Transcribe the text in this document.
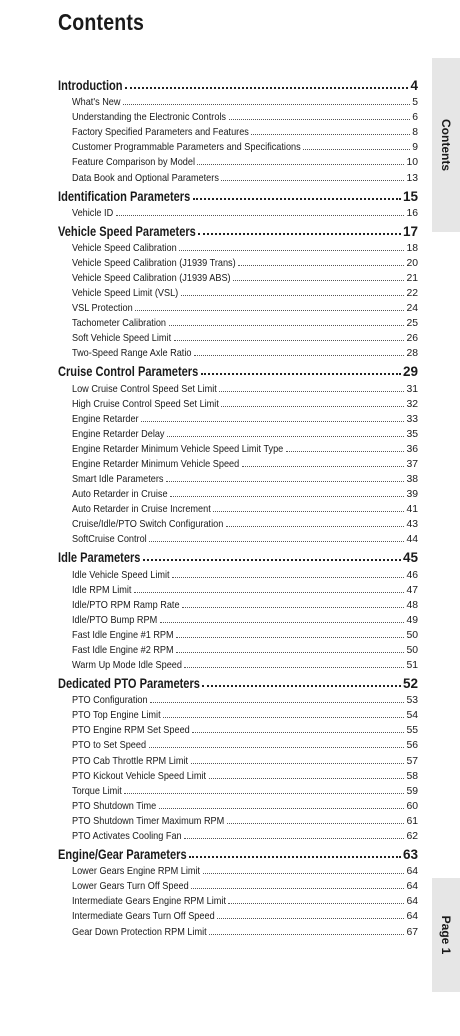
Contents
Contents
Page 1
Introduction	4
What's New	5
Understanding the Electronic Controls	6
Factory Specified Parameters and Features	8
Customer Programmable Parameters and Specifications	9
Feature Comparison by Model	10
Data Book and Optional Parameters	13
Identification Parameters	15
Vehicle ID	16
Vehicle Speed Parameters	17
Vehicle Speed Calibration	18
Vehicle Speed Calibration (J1939 Trans)	20
Vehicle Speed Calibration (J1939 ABS)	21
Vehicle Speed Limit (VSL)	22
VSL Protection	24
Tachometer Calibration	25
Soft Vehicle Speed Limit	26
Two-Speed Range Axle Ratio	28
Cruise Control Parameters	29
Low Cruise Control Speed Set Limit	31
High Cruise Control Speed Set Limit	32
Engine Retarder	33
Engine Retarder Delay	35
Engine Retarder Minimum Vehicle Speed Limit Type	36
Engine Retarder Minimum Vehicle Speed	37
Smart Idle Parameters	38
Auto Retarder in Cruise	39
Auto Retarder in Cruise Increment	41
Cruise/Idle/PTO Switch Configuration	43
SoftCruise Control	44
Idle Parameters	45
Idle Vehicle Speed Limit	46
Idle RPM Limit	47
Idle/PTO RPM Ramp Rate	48
Idle/PTO Bump RPM	49
Fast Idle Engine #1 RPM	50
Fast Idle Engine #2 RPM	50
Warm Up Mode Idle Speed	51
Dedicated PTO Parameters	52
PTO Configuration	53
PTO Top Engine Limit	54
PTO Engine RPM Set Speed	55
PTO to Set Speed	56
PTO Cab Throttle RPM Limit	57
PTO Kickout Vehicle Speed Limit	58
Torque Limit	59
PTO Shutdown Time	60
PTO Shutdown Timer Maximum RPM	61
PTO Activates Cooling Fan	62
Engine/Gear Parameters	63
Lower Gears Engine RPM Limit	64
Lower Gears Turn Off Speed	64
Intermediate Gears Engine RPM Limit	64
Intermediate Gears Turn Off Speed	64
Gear Down Protection RPM Limit	67
